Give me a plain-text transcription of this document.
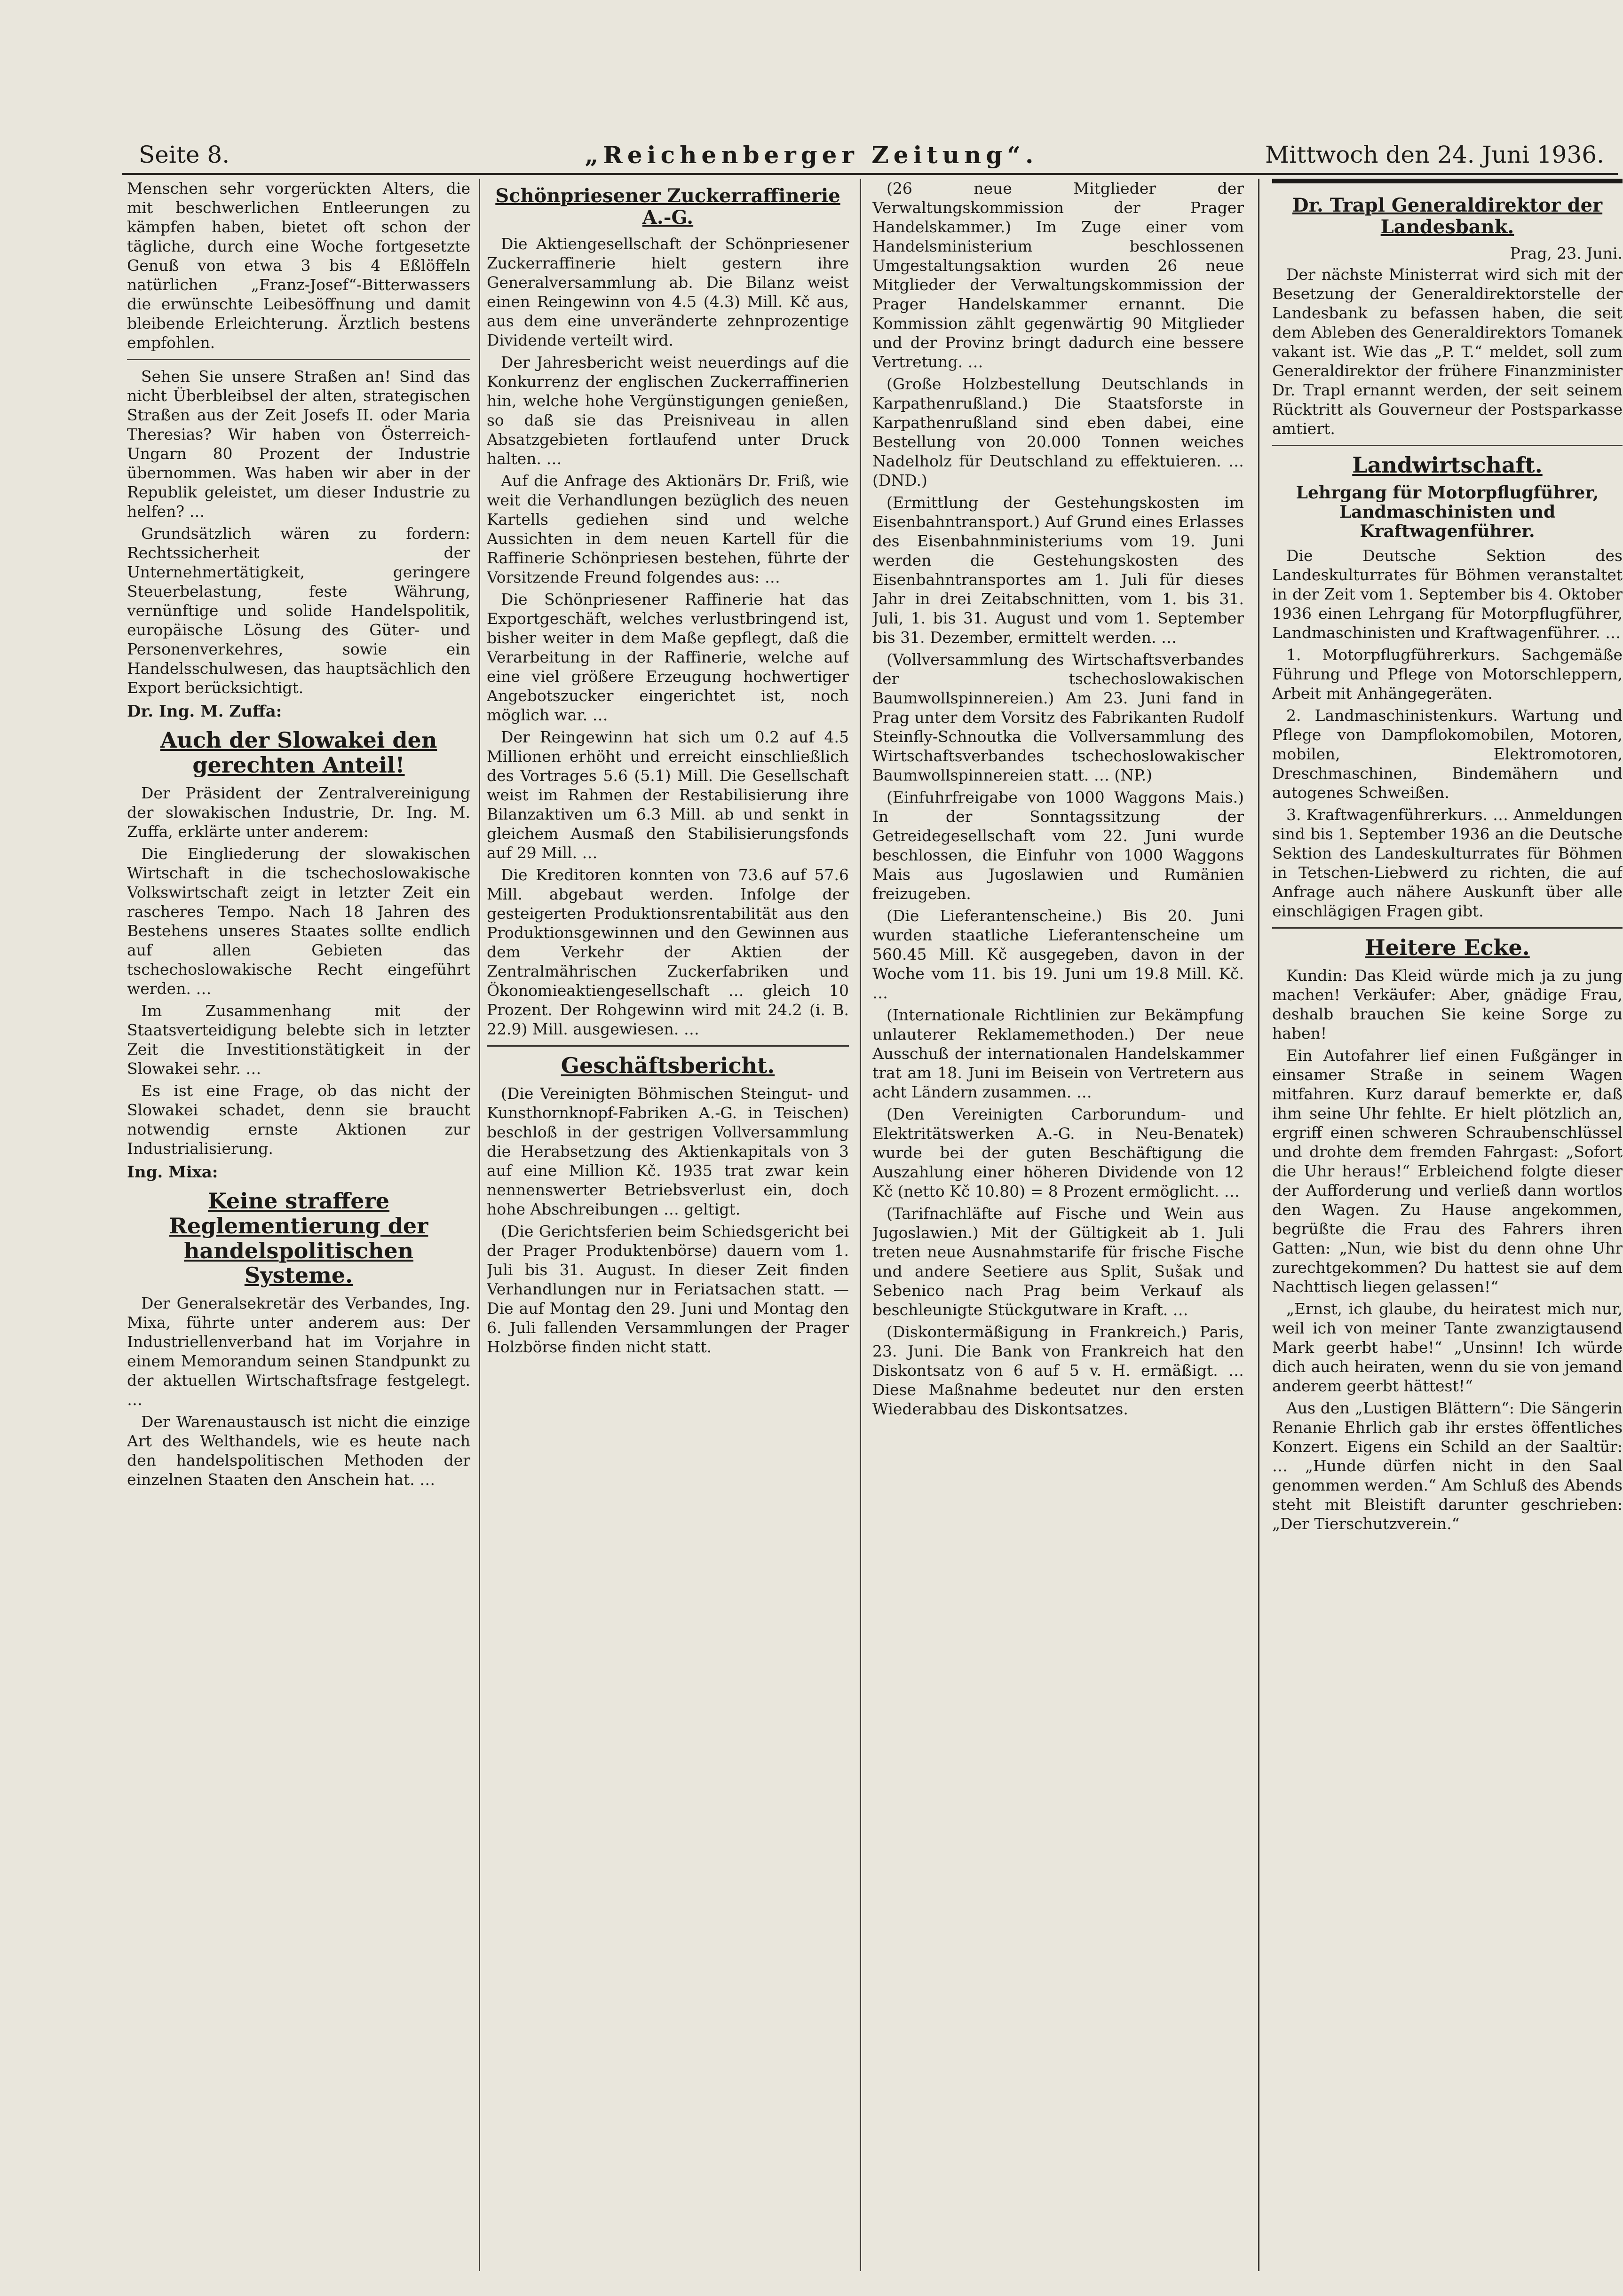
Seite 8.	„Reichenberger Zeitung“.	Mittwoch den 24. Juni 1936.

Menschen sehr vorgerückten Alters, die mit beschwerlichen Entleerungen zu kämpfen haben, bietet oft schon der tägliche, durch eine Woche fortgesetzte Genuß von etwa 3 bis 4 Eßlöffeln natürlichen „Franz-Josef“-Bitterwassers die erwünschte Leibesöffnung und damit bleibende Erleichterung. Ärztlich bestens empfohlen.

Sehen Sie unsere Straßen an! Sind das nicht Überbleibsel der alten, strategischen Straßen aus der Zeit Josefs II. oder Maria Theresias? Wir haben von Österreich-Ungarn 80 Prozent der Industrie übernommen. Was haben wir aber in der Republik geleistet, um dieser Industrie zu helfen? …

Grundsätzlich wären zu fordern: Rechtssicherheit der Unternehmertätigkeit, geringere Steuerbelastung, feste Währung, vernünftige und solide Handelspolitik, europäische Lösung des Güter- und Personenverkehres, sowie ein Handelsschulwesen, das hauptsächlich den Export berücksichtigt.

Dr. Ing. M. Zuffa:

Auch der Slowakei den gerechten Anteil!

Der Präsident der Zentralvereinigung der slowakischen Industrie, Dr. Ing. M. Zuffa, erklärte unter anderem:

Die Eingliederung der slowakischen Wirtschaft in die tschechoslowakische Volkswirtschaft zeigt in letzter Zeit ein rascheres Tempo. Nach 18 Jahren des Bestehens unseres Staates sollte endlich auf allen Gebieten das tschechoslowakische Recht eingeführt werden. …

Im Zusammenhang mit der Staatsverteidigung belebte sich in letzter Zeit die Investitionstätigkeit in der Slowakei sehr. …

Es ist eine Frage, ob das nicht der Slowakei schadet, denn sie braucht notwendig ernste Aktionen zur Industrialisierung.

Ing. Mixa:

Keine straffere Reglementierung der handelspolitischen Systeme.

Der Generalsekretär des Verbandes, Ing. Mixa, führte unter anderem aus: Der Industriellenverband hat im Vorjahre in einem Memorandum seinen Standpunkt zu der aktuellen Wirtschaftsfrage festgelegt. …

Der Warenaustausch ist nicht die einzige Art des Welthandels, wie es heute nach den handelspolitischen Methoden der einzelnen Staaten den Anschein hat. …

Schönpriesener Zuckerraffinerie A.-G.

Die Aktiengesellschaft der Schönpriesener Zuckerraffinerie hielt gestern ihre Generalversammlung ab. Die Bilanz weist einen Reingewinn von 4.5 (4.3) Mill. Kč aus, aus dem eine unveränderte zehnprozentige Dividende verteilt wird.

Der Jahresbericht weist neuerdings auf die Konkurrenz der englischen Zuckerraffinerien hin, welche hohe Vergünstigungen genießen, so daß sie das Preisniveau in allen Absatzgebieten fortlaufend unter Druck halten. …

Auf die Anfrage des Aktionärs Dr. Friß, wie weit die Verhandlungen bezüglich des neuen Kartells gediehen sind und welche Aussichten in dem neuen Kartell für die Raffinerie Schönpriesen bestehen, führte der Vorsitzende Freund folgendes aus: …

Die Schönpriesener Raffinerie hat das Exportgeschäft, welches verlustbringend ist, bisher weiter in dem Maße gepflegt, daß die Verarbeitung in der Raffinerie, welche auf eine viel größere Erzeugung hochwertiger Angebotszucker eingerichtet ist, noch möglich war. …

Der Reingewinn hat sich um 0.2 auf 4.5 Millionen erhöht und erreicht einschließlich des Vortrages 5.6 (5.1) Mill. Die Gesellschaft weist im Rahmen der Restabilisierung ihre Bilanzaktiven um 6.3 Mill. ab und senkt in gleichem Ausmaß den Stabilisierungsfonds auf 29 Mill. …

Die Kreditoren konnten von 73.6 auf 57.6 Mill. abgebaut werden. Infolge der gesteigerten Produktionsrentabilität aus den Produktionsgewinnen und den Gewinnen aus dem Verkehr der Aktien der Zentralmährischen Zuckerfabriken und Ökonomieaktiengesellschaft … gleich 10 Prozent. Der Rohgewinn wird mit 24.2 (i. B. 22.9) Mill. ausgewiesen. …

Geschäftsbericht.

(Die Vereinigten Böhmischen Steingut- und Kunsthornknopf-Fabriken A.-G. in Teischen) beschloß in der gestrigen Vollversammlung die Herabsetzung des Aktienkapitals von 3 auf eine Million Kč. 1935 trat zwar kein nennenswerter Betriebsverlust ein, doch hohe Abschreibungen … geltigt.

(Die Gerichtsferien beim Schiedsgericht bei der Prager Produktenbörse) dauern vom 1. Juli bis 31. August. In dieser Zeit finden Verhandlungen nur in Feriatsachen statt. — Die auf Montag den 29. Juni und Montag den 6. Juli fallenden Versammlungen der Prager Holzbörse finden nicht statt.

(26 neue Mitglieder der Verwaltungskommission der Prager Handelskammer.) Im Zuge einer vom Handelsministerium beschlossenen Umgestaltungsaktion wurden 26 neue Mitglieder der Verwaltungskommission der Prager Handelskammer ernannt. Die Kommission zählt gegenwärtig 90 Mitglieder und der Provinz bringt dadurch eine bessere Vertretung. …

(Große Holzbestellung Deutschlands in Karpathenrußland.) Die Staatsforste in Karpathenrußland sind eben dabei, eine Bestellung von 20.000 Tonnen weiches Nadelholz für Deutschland zu effektuieren. … (DND.)

(Ermittlung der Gestehungskosten im Eisenbahntransport.) Auf Grund eines Erlasses des Eisenbahnministeriums vom 19. Juni werden die Gestehungskosten des Eisenbahntransportes am 1. Juli für dieses Jahr in drei Zeitabschnitten, vom 1. bis 31. Juli, 1. bis 31. August und vom 1. September bis 31. Dezember, ermittelt werden. …

(Vollversammlung des Wirtschaftsverbandes der tschechoslowakischen Baumwollspinnereien.) Am 23. Juni fand in Prag unter dem Vorsitz des Fabrikanten Rudolf Steinfly-Schnoutka die Vollversammlung des Wirtschaftsverbandes tschechoslowakischer Baumwollspinnereien statt. … (NP.)

(Einfuhrfreigabe von 1000 Waggons Mais.) In der Sonntagssitzung der Getreidegesellschaft vom 22. Juni wurde beschlossen, die Einfuhr von 1000 Waggons Mais aus Jugoslawien und Rumänien freizugeben.

(Die Lieferantenscheine.) Bis 20. Juni wurden staatliche Lieferantenscheine um 560.45 Mill. Kč ausgegeben, davon in der Woche vom 11. bis 19. Juni um 19.8 Mill. Kč. …

(Internationale Richtlinien zur Bekämpfung unlauterer Reklamemethoden.) Der neue Ausschuß der internationalen Handelskammer trat am 18. Juni im Beisein von Vertretern aus acht Ländern zusammen. …

(Den Vereinigten Carborundum- und Elektritätswerken A.-G. in Neu-Benatek) wurde bei der guten Beschäftigung die Auszahlung einer höheren Dividende von 12 Kč (netto Kč 10.80) = 8 Prozent ermöglicht. …

(Tarifnachläfte auf Fische und Wein aus Jugoslawien.) Mit der Gültigkeit ab 1. Juli treten neue Ausnahmstarife für frische Fische und andere Seetiere aus Split, Sušak und Sebenico nach Prag beim Verkauf als beschleunigte Stückgutware in Kraft. …

(Diskontermäßigung in Frankreich.) Paris, 23. Juni. Die Bank von Frankreich hat den Diskontsatz von 6 auf 5 v. H. ermäßigt. … Diese Maßnahme bedeutet nur den ersten Wiederabbau des Diskontsatzes.

Dr. Trapl Generaldirektor der Landesbank.

Prag, 23. Juni.

Der nächste Ministerrat wird sich mit der Besetzung der Generaldirektorstelle der Landesbank zu befassen haben, die seit dem Ableben des Generaldirektors Tomanek vakant ist. Wie das „P. T.“ meldet, soll zum Generaldirektor der frühere Finanzminister Dr. Trapl ernannt werden, der seit seinem Rücktritt als Gouverneur der Postsparkasse amtiert.

Landwirtschaft.
Lehrgang für Motorpflugführer, Landmaschinisten und Kraftwagenführer.

Die Deutsche Sektion des Landeskulturrates für Böhmen veranstaltet in der Zeit vom 1. September bis 4. Oktober 1936 einen Lehrgang für Motorpflugführer, Landmaschinisten und Kraftwagenführer. …

1. Motorpflugführerkurs. Sachgemäße Führung und Pflege von Motorschleppern, Arbeit mit Anhängegeräten.

2. Landmaschinistenkurs. Wartung und Pflege von Dampflokomobilen, Motoren, mobilen, Elektromotoren, Dreschmaschinen, Bindemähern und autogenes Schweißen.

3. Kraftwagenführerkurs. … Anmeldungen sind bis 1. September 1936 an die Deutsche Sektion des Landeskulturrates für Böhmen in Tetschen-Liebwerd zu richten, die auf Anfrage auch nähere Auskunft über alle einschlägigen Fragen gibt.

Heitere Ecke.

Kundin: Das Kleid würde mich ja zu jung machen! Verkäufer: Aber, gnädige Frau, deshalb brauchen Sie keine Sorge zu haben!

Ein Autofahrer lief einen Fußgänger in einsamer Straße in seinem Wagen mitfahren. Kurz darauf bemerkte er, daß ihm seine Uhr fehlte. Er hielt plötzlich an, ergriff einen schweren Schraubenschlüssel und drohte dem fremden Fahrgast: „Sofort die Uhr heraus!“ Erbleichend folgte dieser der Aufforderung und verließ dann wortlos den Wagen. Zu Hause angekommen, begrüßte die Frau des Fahrers ihren Gatten: „Nun, wie bist du denn ohne Uhr zurechtgekommen? Du hattest sie auf dem Nachttisch liegen gelassen!“

„Ernst, ich glaube, du heiratest mich nur, weil ich von meiner Tante zwanzigtausend Mark geerbt habe!“ „Unsinn! Ich würde dich auch heiraten, wenn du sie von jemand anderem geerbt hättest!“

Aus den „Lustigen Blättern“: Die Sängerin Renanie Ehrlich gab ihr erstes öffentliches Konzert. Eigens ein Schild an der Saaltür: … „Hunde dürfen nicht in den Saal genommen werden.“ Am Schluß des Abends steht mit Bleistift darunter geschrieben: „Der Tierschutzverein.“
